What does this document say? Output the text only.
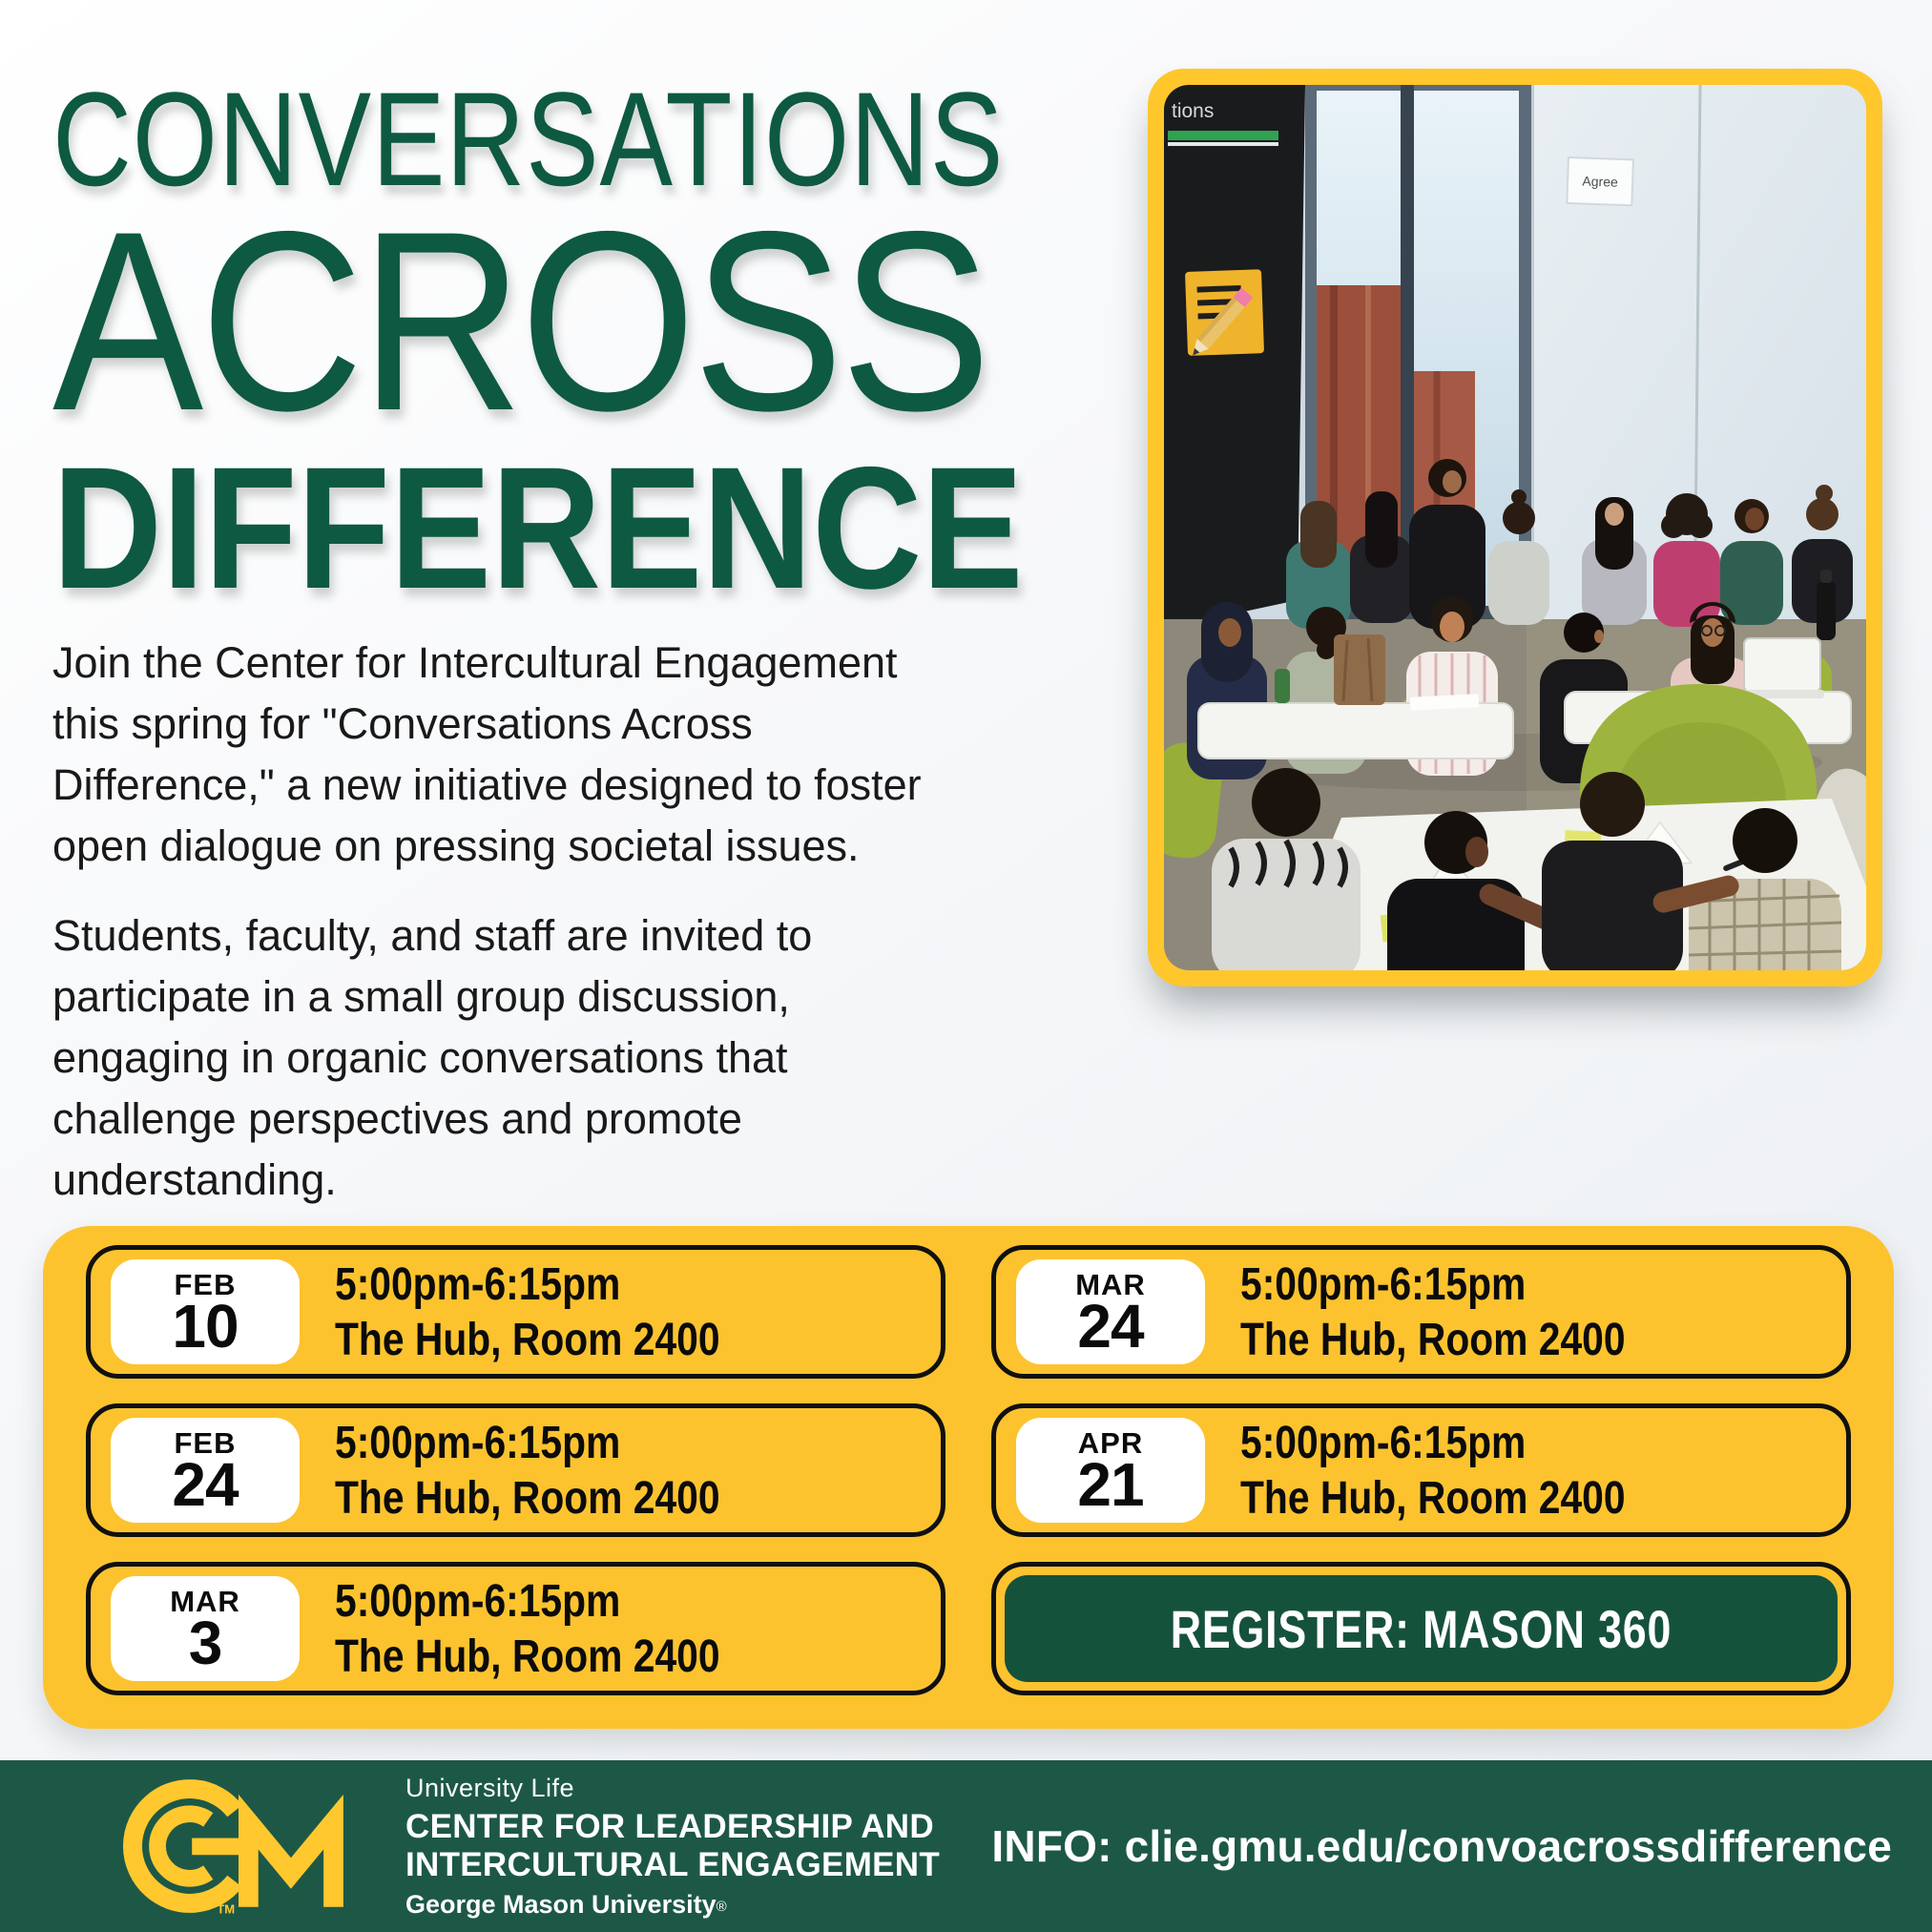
CONVERSATIONS
ACROSS
DIFFERENCE
Join the Center for Intercultural Engagement
this spring for "Conversations Across
Difference," a new initiative designed to foster
open dialogue on pressing societal issues.
Students, faculty, and staff are invited to
participate in a small group discussion,
engaging in organic conversations that
challenge perspectives and promote
understanding.
Agree
tions
FEB
10
5:00pm-6:15pm
The Hub, Room 2400
FEB
24
5:00pm-6:15pm
The Hub, Room 2400
MAR
3
5:00pm-6:15pm
The Hub, Room 2400
MAR
24
5:00pm-6:15pm
The Hub, Room 2400
APR
21
5:00pm-6:15pm
The Hub, Room 2400
REGISTER: MASON 360
TM
University Life
CENTER FOR LEADERSHIP AND
INTERCULTURAL ENGAGEMENT
George Mason University®
INFO: clie.gmu.edu/convoacrossdifference
